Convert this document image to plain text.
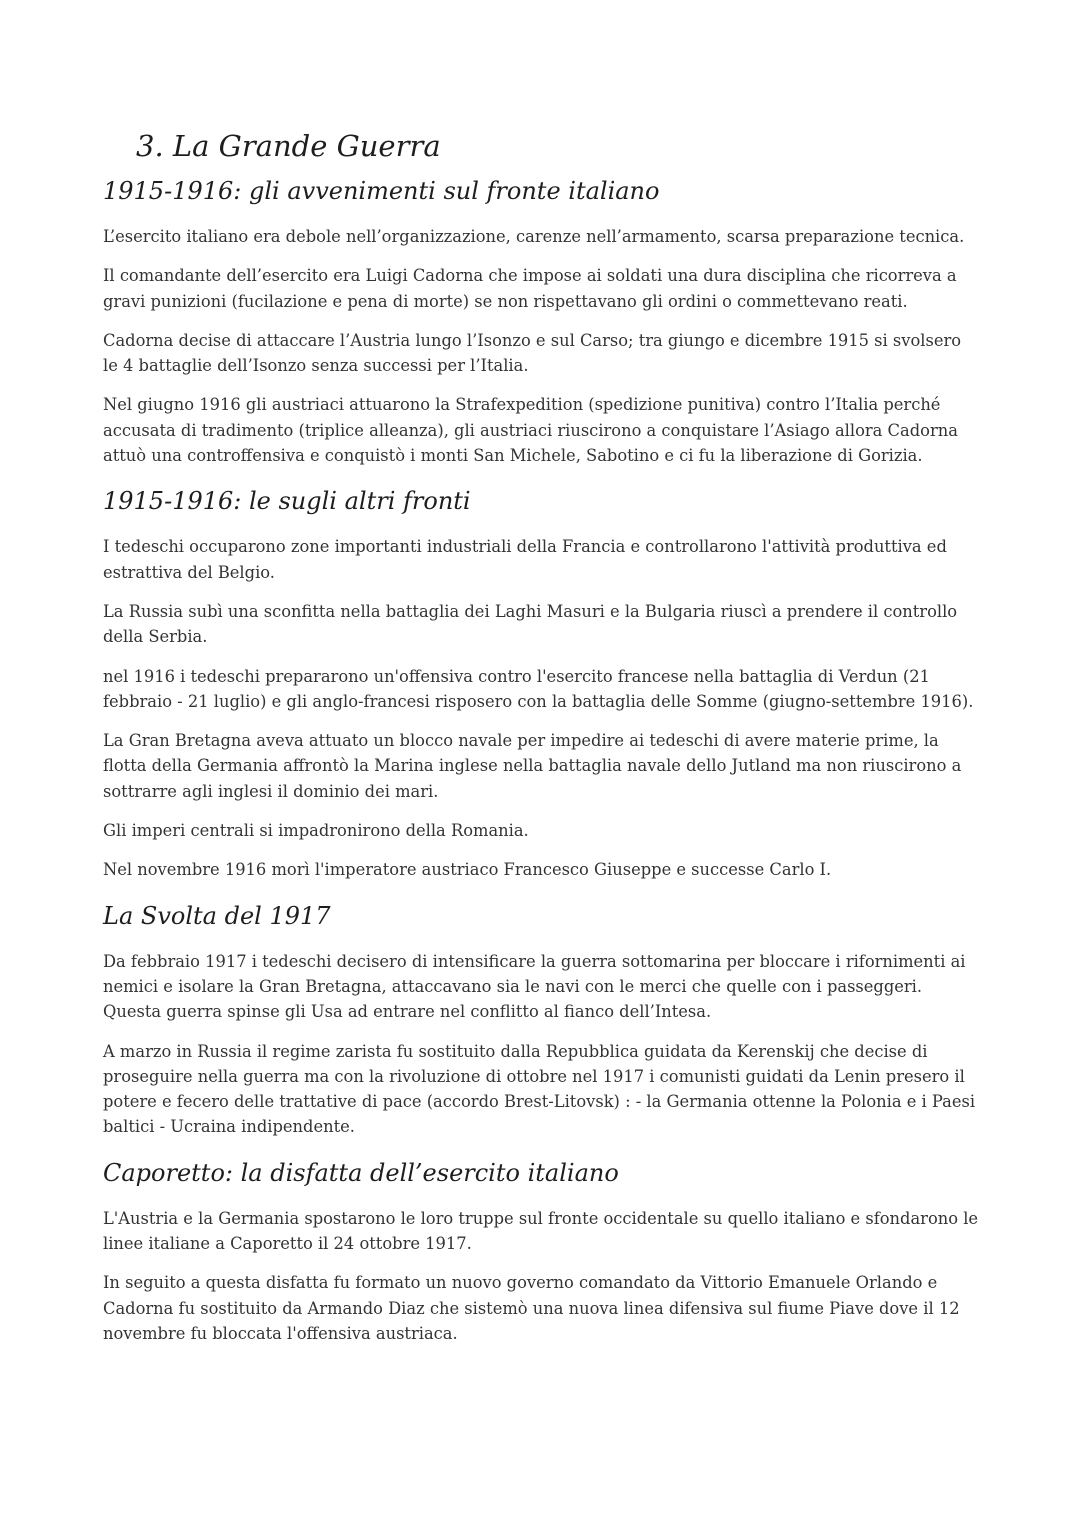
3. La Grande Guerra
1915-1916: gli avvenimenti sul fronte italiano

L’esercito italiano era debole nell’organizzazione, carenze nell’armamento, scarsa preparazione tecnica.

Il comandante dell’esercito era Luigi Cadorna che impose ai soldati una dura disciplina che ricorreva a gravi punizioni (fucilazione e pena di morte) se non rispettavano gli ordini o commettevano reati.

Cadorna decise di attaccare l’Austria lungo l’Isonzo e sul Carso; tra giungo e dicembre 1915 si svolsero le 4 battaglie dell’Isonzo senza successi per l’Italia.

Nel giugno 1916 gli austriaci attuarono la Strafexpedition (spedizione punitiva) contro l’Italia perché accusata di tradimento (triplice alleanza), gli austriaci riuscirono a conquistare l’Asiago allora Cadorna attuò una controffensiva e conquistò i monti San Michele, Sabotino e ci fu la liberazione di Gorizia.

1915-1916: le sugli altri fronti

I tedeschi occuparono zone importanti industriali della Francia e controllarono l'attività produttiva ed estrattiva del Belgio.

La Russia subì una sconfitta nella battaglia dei Laghi Masuri e la Bulgaria riuscì a prendere il controllo della Serbia.

nel 1916 i tedeschi prepararono un'offensiva contro l'esercito francese nella battaglia di Verdun (21 febbraio - 21 luglio) e gli anglo-francesi risposero con la battaglia delle Somme (giugno-settembre 1916).

La Gran Bretagna aveva attuato un blocco navale per impedire ai tedeschi di avere materie prime, la flotta della Germania affrontò la Marina inglese nella battaglia navale dello Jutland ma non riuscirono a sottrarre agli inglesi il dominio dei mari.

Gli imperi centrali si impadronirono della Romania.

Nel novembre 1916 morì l'imperatore austriaco Francesco Giuseppe e successe Carlo I.

La Svolta del 1917

Da febbraio 1917 i tedeschi decisero di intensificare la guerra sottomarina per bloccare i rifornimenti ai nemici e isolare la Gran Bretagna, attaccavano sia le navi con le merci che quelle con i passeggeri. Questa guerra spinse gli Usa ad entrare nel conflitto al fianco dell’Intesa.

A marzo in Russia il regime zarista fu sostituito dalla Repubblica guidata da Kerenskij che decise di proseguire nella guerra ma con la rivoluzione di ottobre nel 1917 i comunisti guidati da Lenin presero il potere e fecero delle trattative di pace (accordo Brest-Litovsk) : - la Germania ottenne la Polonia e i Paesi baltici - Ucraina indipendente.

Caporetto: la disfatta dell’esercito italiano

L'Austria e la Germania spostarono le loro truppe sul fronte occidentale su quello italiano e sfondarono le linee italiane a Caporetto il 24 ottobre 1917.

In seguito a questa disfatta fu formato un nuovo governo comandato da Vittorio Emanuele Orlando e Cadorna fu sostituito da Armando Diaz che sistemò una nuova linea difensiva sul fiume Piave dove il 12 novembre fu bloccata l'offensiva austriaca.
